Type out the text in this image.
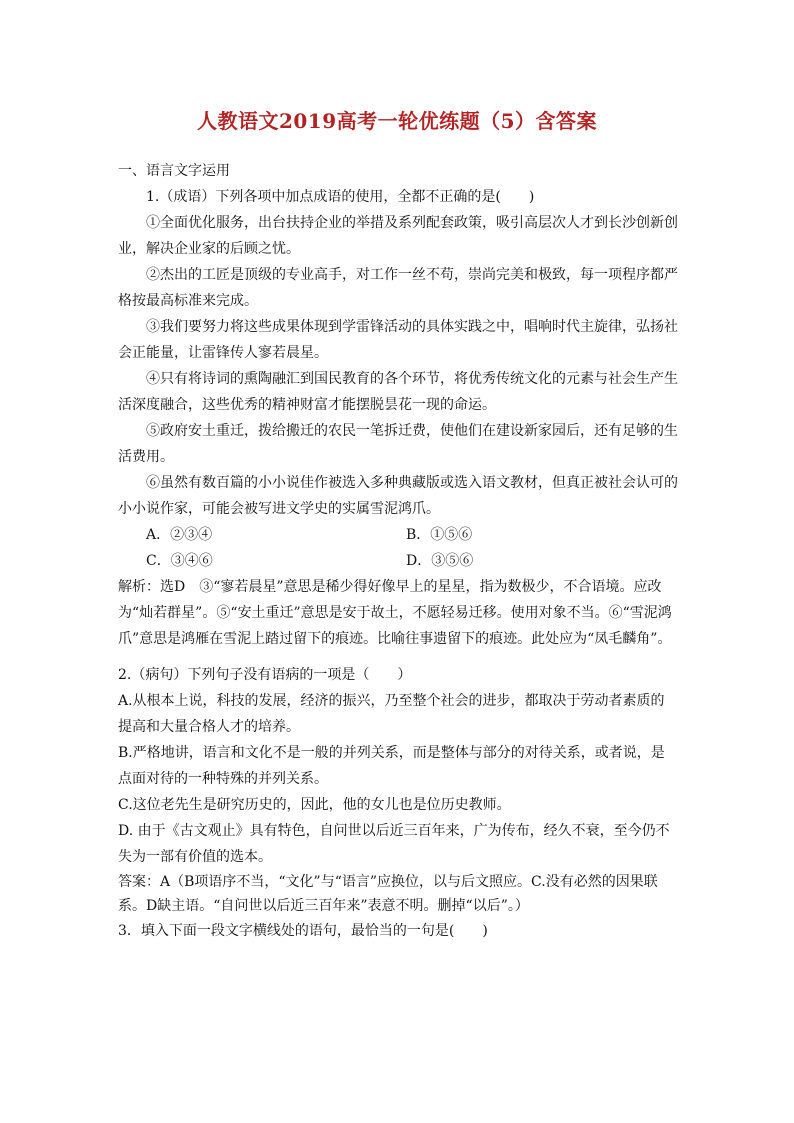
人教语文2019高考一轮优练题（5）含答案

一、语言文字运用

1.（成语）下列各项中加点成语的使用，全都不正确的是(　　)

①全面优化服务，出台扶持企业的举措及系列配套政策，吸引高层次人才到长沙创新创业，解决企业家的后顾之忧。

②杰出的工匠是顶级的专业高手，对工作一丝不苟，崇尚完美和极致，每一项程序都严格按最高标准来完成。

③我们要努力将这些成果体现到学雷锋活动的具体实践之中，唱响时代主旋律，弘扬社会正能量，让雷锋传人寥若晨星。

④只有将诗词的熏陶融汇到国民教育的各个环节，将优秀传统文化的元素与社会生产生活深度融合，这些优秀的精神财富才能摆脱昙花一现的命运。

⑤政府安土重迁，拨给搬迁的农民一笔拆迁费，使他们在建设新家园后，还有足够的生活费用。

⑥虽然有数百篇的小小说佳作被选入多种典藏版或选入语文教材，但真正被社会认可的小小说作家，可能会被写进文学史的实属雪泥鸿爪。

A．②③④	B．①⑤⑥
C．③④⑥	D．③⑤⑥

解析：选D　③“寥若晨星”意思是稀少得好像早上的星星，指为数极少，不合语境。应改为“灿若群星”。⑤“安土重迁”意思是安于故土，不愿轻易迁移。使用对象不当。⑥“雪泥鸿爪”意思是鸿雁在雪泥上踏过留下的痕迹。比喻往事遗留下的痕迹。此处应为“凤毛麟角”。

2.（病句）下列句子没有语病的一项是（　　）

A.从根本上说，科技的发展，经济的振兴，乃至整个社会的进步，都取决于劳动者素质的提高和大量合格人才的培养。

B.严格地讲，语言和文化不是一般的并列关系，而是整体与部分的对待关系，或者说，是点面对待的一种特殊的并列关系。

C.这位老先生是研究历史的，因此，他的女儿也是位历史教师。

D. 由于《古文观止》具有特色，自问世以后近三百年来，广为传布，经久不衰，至今仍不失为一部有价值的选本。

答案：A（B项语序不当，“文化”与“语言”应换位，以与后文照应。C.没有必然的因果联系。D缺主语。“自问世以后近三百年来”表意不明。删掉“以后”。）

3．填入下面一段文字横线处的语句，最恰当的一句是(　　)
